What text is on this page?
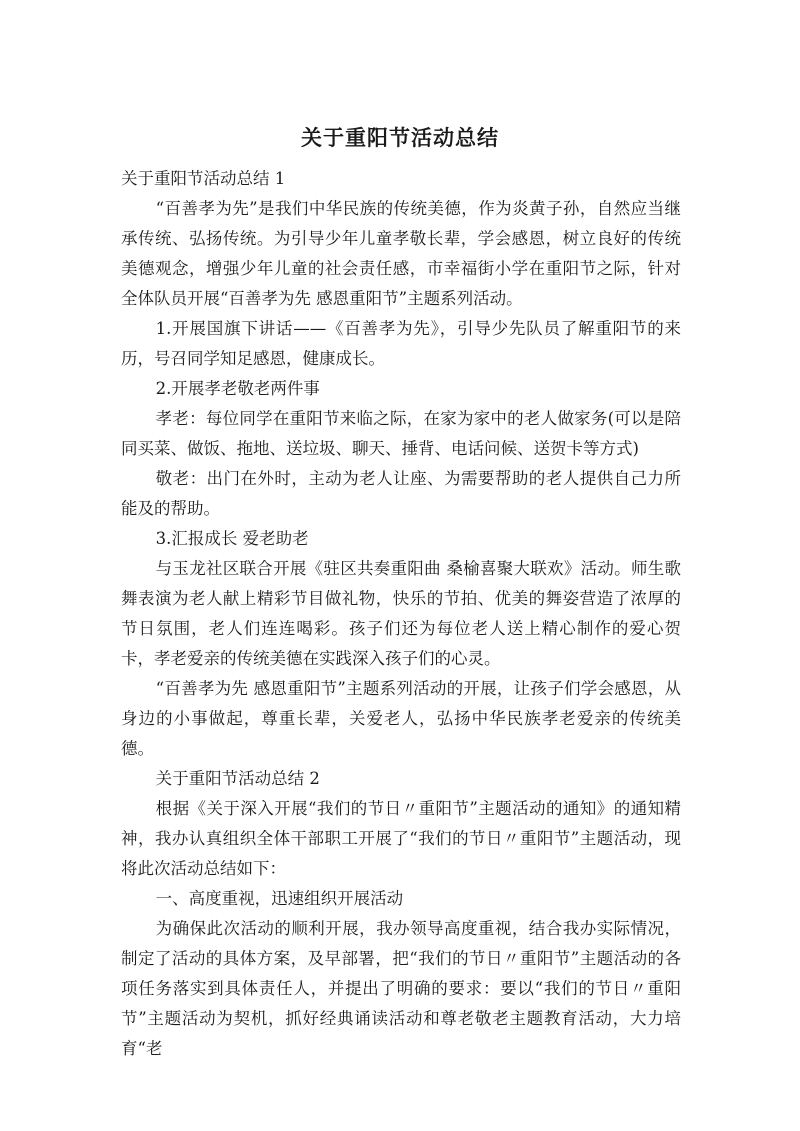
关于重阳节活动总结

关于重阳节活动总结 1

“百善孝为先”是我们中华民族的传统美德，作为炎黄子孙，自然应当继承传统、弘扬传统。为引导少年儿童孝敬长辈，学会感恩，树立良好的传统美德观念，增强少年儿童的社会责任感，市幸福街小学在重阳节之际，针对全体队员开展“百善孝为先 感恩重阳节”主题系列活动。

1.开展国旗下讲话——《百善孝为先》，引导少先队员了解重阳节的来历，号召同学知足感恩，健康成长。

2.开展孝老敬老两件事

孝老：每位同学在重阳节来临之际，在家为家中的老人做家务(可以是陪同买菜、做饭、拖地、送垃圾、聊天、捶背、电话问候、送贺卡等方式)

敬老：出门在外时，主动为老人让座、为需要帮助的老人提供自己力所能及的帮助。

3.汇报成长 爱老助老

与玉龙社区联合开展《驻区共奏重阳曲 桑榆喜聚大联欢》活动。师生歌舞表演为老人献上精彩节目做礼物，快乐的节拍、优美的舞姿营造了浓厚的节日氛围，老人们连连喝彩。孩子们还为每位老人送上精心制作的爱心贺卡，孝老爱亲的传统美德在实践深入孩子们的心灵。

“百善孝为先 感恩重阳节”主题系列活动的开展，让孩子们学会感恩，从身边的小事做起，尊重长辈，关爱老人，弘扬中华民族孝老爱亲的传统美德。

关于重阳节活动总结 2

根据《关于深入开展“我们的节日〃重阳节”主题活动的通知》的通知精神，我办认真组织全体干部职工开展了“我们的节日〃重阳节”主题活动，现将此次活动总结如下：

一、高度重视，迅速组织开展活动

为确保此次活动的顺利开展，我办领导高度重视，结合我办实际情况，制定了活动的具体方案，及早部署，把“我们的节日〃重阳节”主题活动的各项任务落实到具体责任人，并提出了明确的要求：要以“我们的节日〃重阳节”主题活动为契机，抓好经典诵读活动和尊老敬老主题教育活动，大力培育“老
